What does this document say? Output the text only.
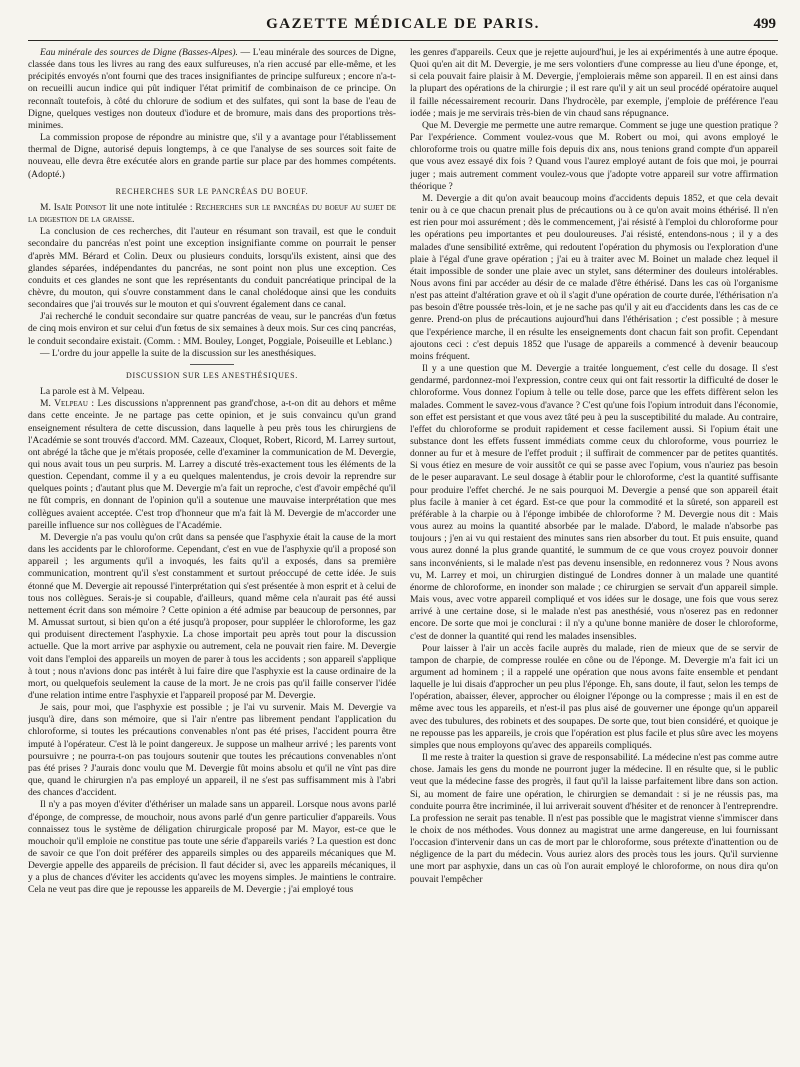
GAZETTE MÉDICALE DE PARIS.	499

Eau minérale des sources de Digne (Basses-Alpes). — L'eau minérale des sources de Digne, classée dans tous les livres au rang des eaux sulfureuses, n'a rien accusé par elle-même, et les précipités envoyés n'ont fourni que des traces insignifiantes de principe sulfureux ; encore n'a-t-on recueilli aucun indice qui pût indiquer l'état primitif de combinaison de ce principe. On reconnaît toutefois, à côté du chlorure de sodium et des sulfates, qui sont la base de l'eau de Digne, quelques vestiges non douteux d'iodure et de bromure, mais dans des proportions très-minimes.

La commission propose de répondre au ministre que, s'il y a avantage pour l'établissement thermal de Digne, autorisé depuis longtemps, à ce que l'analyse de ses sources soit faite de nouveau, elle devra être exécutée alors en grande partie sur place par des hommes compétents. (Adopté.)

RECHERCHES SUR LE PANCRÉAS DU BOEUF.

M. Isaïe Poinsot lit une note intitulée : Recherches sur le pancréas du boeuf au sujet de la digestion de la graisse.

La conclusion de ces recherches, dit l'auteur en résumant son travail, est que le conduit secondaire du pancréas n'est point une exception insignifiante comme on pourrait le penser d'après MM. Bérard et Colin. Deux ou plusieurs conduits, lorsqu'ils existent, ainsi que des glandes séparées, indépendantes du pancréas, ne sont point non plus une exception. Ces conduits et ces glandes ne sont que les représentants du conduit pancréatique principal de la chèvre, du mouton, qui s'ouvre constamment dans le canal cholédoque ainsi que les conduits secondaires que j'ai trouvés sur le mouton et qui s'ouvrent également dans ce canal.

J'ai recherché le conduit secondaire sur quatre pancréas de veau, sur le pancréas d'un fœtus de cinq mois environ et sur celui d'un fœtus de six semaines à deux mois. Sur ces cinq pancréas, le conduit secondaire existait. (Comm. : MM. Bouley, Longet, Poggiale, Poiseuille et Leblanc.)

— L'ordre du jour appelle la suite de la discussion sur les anesthésiques.

DISCUSSION SUR LES ANESTHÉSIQUES.

La parole est à M. Velpeau.

M. Velpeau : Les discussions n'apprennent pas grand'chose, a-t-on dit au dehors et même dans cette enceinte. Je ne partage pas cette opinion, et je suis convaincu qu'un grand enseignement résultera de cette discussion, dans laquelle à peu près tous les chirurgiens de l'Académie se sont trouvés d'accord. MM. Cazeaux, Cloquet, Robert, Ricord, M. Larrey surtout, ont abrégé la tâche que je m'étais proposée, celle d'examiner la communication de M. Devergie, qui nous avait tous un peu surpris. M. Larrey a discuté très-exactement tous les éléments de la question. Cependant, comme il y a eu quelques malentendus, je crois devoir la reprendre sur quelques points ; d'autant plus que M. Devergie m'a fait un reproche, c'est d'avoir empêché qu'il ne fût compris, en donnant de l'opinion qu'il a soutenue une mauvaise interprétation que mes collègues avaient acceptée. C'est trop d'honneur que m'a fait là M. Devergie de m'accorder une pareille influence sur nos collègues de l'Académie.

M. Devergie n'a pas voulu qu'on crût dans sa pensée que l'asphyxie était la cause de la mort dans les accidents par le chloroforme. Cependant, c'est en vue de l'asphyxie qu'il a proposé son appareil ; les arguments qu'il a invoqués, les faits qu'il a exposés, dans sa première communication, montrent qu'il s'est constamment et surtout préoccupé de cette idée. Je suis étonné que M. Devergie ait repoussé l'interprétation qui s'est présentée à mon esprit et à celui de tous nos collègues. Serais-je si coupable, d'ailleurs, quand même cela n'aurait pas été aussi nettement écrit dans son mémoire ? Cette opinion a été admise par beaucoup de personnes, par M. Amussat surtout, si bien qu'on a été jusqu'à proposer, pour suppléer le chloroforme, les gaz qui produisent directement l'asphyxie. La chose importait peu après tout pour la discussion actuelle. Que la mort arrive par asphyxie ou autrement, cela ne pouvait rien faire. M. Devergie voit dans l'emploi des appareils un moyen de parer à tous les accidents ; son appareil s'applique à tout ; nous n'avions donc pas intérêt à lui faire dire que l'asphyxie est la cause ordinaire de la mort, ou quelquefois seulement la cause de la mort. Je ne crois pas qu'il faille conserver l'idée d'une relation intime entre l'asphyxie et l'appareil proposé par M. Devergie.

Je sais, pour moi, que l'asphyxie est possible ; je l'ai vu survenir. Mais M. Devergie va jusqu'à dire, dans son mémoire, que si l'air n'entre pas librement pendant l'application du chloroforme, si toutes les précautions convenables n'ont pas été prises, l'accident pourra être imputé à l'opérateur. C'est là le point dangereux. Je suppose un malheur arrivé ; les parents vont poursuivre ; ne pourra-t-on pas toujours soutenir que toutes les précautions convenables n'ont pas été prises ? J'aurais donc voulu que M. Devergie fût moins absolu et qu'il ne vînt pas dire que, quand le chirurgien n'a pas employé un appareil, il ne s'est pas suffisamment mis à l'abri des chances d'accident.

Il n'y a pas moyen d'éviter d'éthériser un malade sans un appareil. Lorsque nous avons parlé d'éponge, de compresse, de mouchoir, nous avons parlé d'un genre particulier d'appareils. Vous connaissez tous le système de déligation chirurgicale proposé par M. Mayor, est-ce que le mouchoir qu'il emploie ne constitue pas toute une série d'appareils variés ? La question est donc de savoir ce que l'on doit préférer des appareils simples ou des appareils mécaniques que M. Devergie appelle des appareils de précision. Il faut décider si, avec les appareils mécaniques, il y a plus de chances d'éviter les accidents qu'avec les moyens simples. Je maintiens le contraire. Cela ne veut pas dire que je repousse les appareils de M. Devergie ; j'ai employé tous

les genres d'appareils. Ceux que je rejette aujourd'hui, je les ai expérimentés à une autre époque. Quoi qu'en ait dit M. Devergie, je me sers volontiers d'une compresse au lieu d'une éponge, et, si cela pouvait faire plaisir à M. Devergie, j'emploierais même son appareil. Il en est ainsi dans la plupart des opérations de la chirurgie ; il est rare qu'il y ait un seul procédé opératoire auquel il faille nécessairement recourir. Dans l'hydrocèle, par exemple, j'emploie de préférence l'eau iodée ; mais je me servirais très-bien de vin chaud sans répugnance.

Que M. Devergie me permette une autre remarque. Comment se juge une question pratique ? Par l'expérience. Comment voulez-vous que M. Robert ou moi, qui avons employé le chloroforme trois ou quatre mille fois depuis dix ans, nous tenions grand compte d'un appareil que vous avez essayé dix fois ? Quand vous l'aurez employé autant de fois que moi, je pourrai juger ; mais autrement comment voulez-vous que j'adopte votre appareil sur votre affirmation théorique ?

M. Devergie a dit qu'on avait beaucoup moins d'accidents depuis 1852, et que cela devait tenir ou à ce que chacun prenait plus de précautions ou à ce qu'on avait moins éthérisé. Il n'en est rien pour moi assurément ; dès le commencement, j'ai résisté à l'emploi du chloroforme pour les opérations peu importantes et peu douloureuses. J'ai résisté, entendons-nous ; il y a des malades d'une sensibilité extrême, qui redoutent l'opération du phymosis ou l'exploration d'une plaie à l'égal d'une grave opération ; j'ai eu à traiter avec M. Boinet un malade chez lequel il était impossible de sonder une plaie avec un stylet, sans déterminer des douleurs intolérables. Nous avons fini par accéder au désir de ce malade d'être éthérisé. Dans les cas où l'organisme n'est pas atteint d'altération grave et où il s'agit d'une opération de courte durée, l'éthérisation n'a pas besoin d'être poussée très-loin, et je ne sache pas qu'il y ait eu d'accidents dans les cas de ce genre. Prend-on plus de précautions aujourd'hui dans l'éthérisation ; c'est possible ; à mesure que l'expérience marche, il en résulte les enseignements dont chacun fait son profit. Cependant ajoutons ceci : c'est depuis 1852 que l'usage de appareils a commencé à devenir beaucoup moins fréquent.

Il y a une question que M. Devergie a traitée longuement, c'est celle du dosage. Il s'est gendarmé, pardonnez-moi l'expression, contre ceux qui ont fait ressortir la difficulté de doser le chloroforme. Vous donnez l'opium à telle ou telle dose, parce que les effets diffèrent selon les malades. Comment le savez-vous d'avance ? C'est qu'une fois l'opium introduit dans l'économie, son effet est persistant et que vous avez tâté peu à peu la susceptibilité du malade. Au contraire, l'effet du chloroforme se produit rapidement et cesse facilement aussi. Si l'opium était une substance dont les effets fussent immédiats comme ceux du chloroforme, vous pourriez le donner au fur et à mesure de l'effet produit ; il suffirait de commencer par de petites quantités. Si vous étiez en mesure de voir aussitôt ce qui se passe avec l'opium, vous n'auriez pas besoin de le peser auparavant. Le seul dosage à établir pour le chloroforme, c'est la quantité suffisante pour produire l'effet cherché. Je ne sais pourquoi M. Devergie a pensé que son appareil était plus facile à manier à cet égard. Est-ce que pour la commodité et la sûreté, son appareil est préférable à la charpie ou à l'éponge imbibée de chloroforme ? M. Devergie nous dit : Mais vous aurez au moins la quantité absorbée par le malade. D'abord, le malade n'absorbe pas toujours ; j'en ai vu qui restaient des minutes sans rien absorber du tout. Et puis ensuite, quand vous aurez donné la plus grande quantité, le summum de ce que vous croyez pouvoir donner sans inconvénients, si le malade n'est pas devenu insensible, en redonnerez vous ? Nous avons vu, M. Larrey et moi, un chirurgien distingué de Londres donner à un malade une quantité énorme de chloroforme, en inonder son malade ; ce chirurgien se servait d'un appareil simple. Mais vous, avec votre appareil compliqué et vos idées sur le dosage, une fois que vous serez arrivé à une certaine dose, si le malade n'est pas anesthésié, vous n'oserez pas en redonner encore. De sorte que moi je conclurai : il n'y a qu'une bonne manière de doser le chloroforme, c'est de donner la quantité qui rend les malades insensibles.

Pour laisser à l'air un accès facile auprès du malade, rien de mieux que de se servir de tampon de charpie, de compresse roulée en cône ou de l'éponge. M. Devergie m'a fait ici un argument ad hominem ; il a rappelé une opération que nous avons faite ensemble et pendant laquelle je lui disais d'approcher un peu plus l'éponge. Eh, sans doute, il faut, selon les temps de l'opération, abaisser, élever, approcher ou éloigner l'éponge ou la compresse ; mais il en est de même avec tous les appareils, et n'est-il pas plus aisé de gouverner une éponge qu'un appareil avec des tubulures, des robinets et des soupapes. De sorte que, tout bien considéré, et quoique je ne repousse pas les appareils, je crois que l'opération est plus facile et plus sûre avec les moyens simples que nous employons qu'avec des appareils compliqués.

Il me reste à traiter la question si grave de responsabilité. La médecine n'est pas comme autre chose. Jamais les gens du monde ne pourront juger la médecine. Il en résulte que, si le public veut que la médecine fasse des progrès, il faut qu'il la laisse parfaitement libre dans son action. Si, au moment de faire une opération, le chirurgien se demandait : si je ne réussis pas, ma conduite pourra être incriminée, il lui arriverait souvent d'hésiter et de renoncer à l'entreprendre. La profession ne serait pas tenable. Il n'est pas possible que le magistrat vienne s'immiscer dans le choix de nos méthodes. Vous donnez au magistrat une arme dangereuse, en lui fournissant l'occasion d'intervenir dans un cas de mort par le chloroforme, sous prétexte d'inattention ou de négligence de la part du médecin. Vous auriez alors des procès tous les jours. Qu'il survienne une mort par asphyxie, dans un cas où l'on aurait employé le chloroforme, on nous dira qu'on pouvait l'empêcher
